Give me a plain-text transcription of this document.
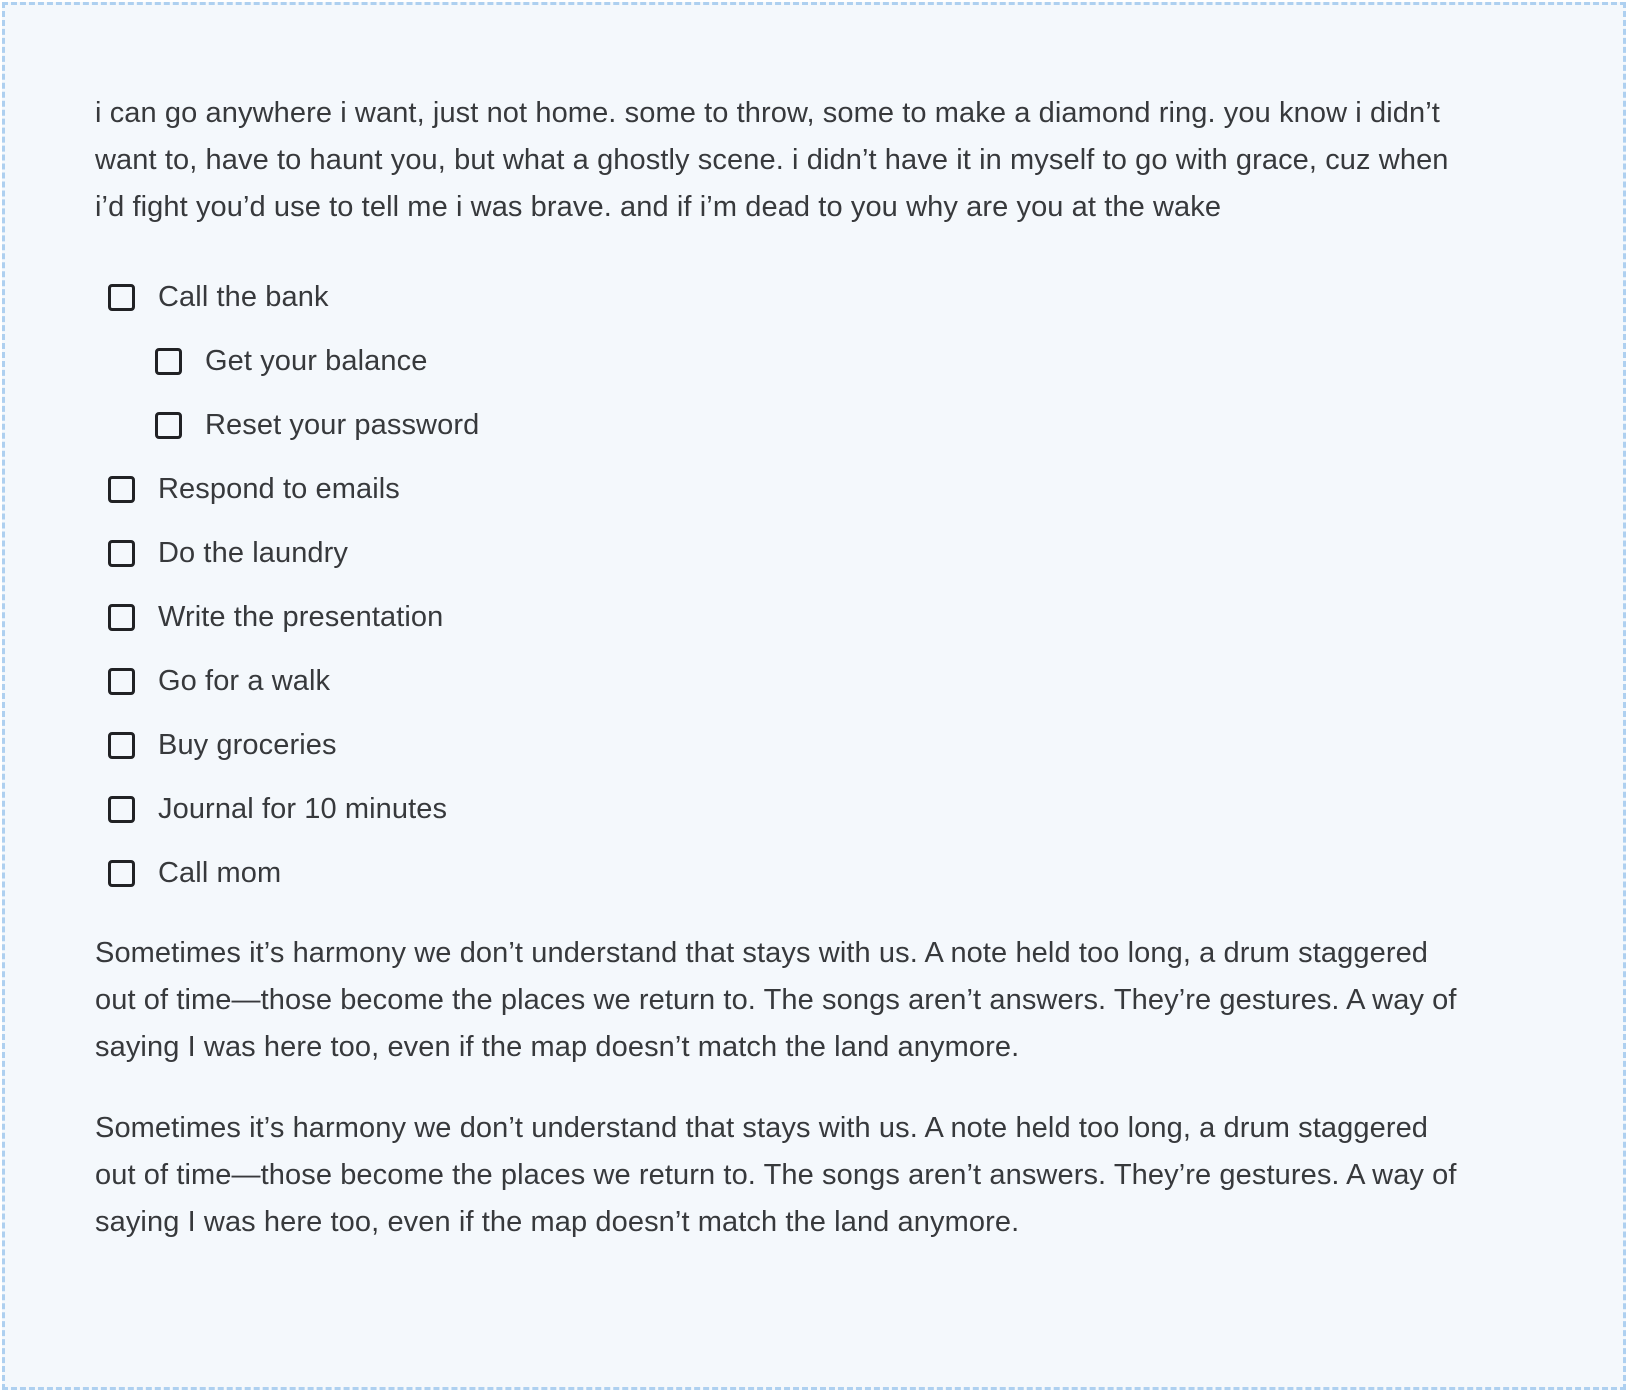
i can go anywhere i want, just not home. some to throw, some to make a diamond ring. you know i didn’t want to, have to haunt you, but what a ghostly scene. i didn’t have it in myself to go with grace, cuz when i’d fight you’d use to tell me i was brave. and if i’m dead to you why are you at the wake

Call the bank
Get your balance
Reset your password
Respond to emails
Do the laundry
Write the presentation
Go for a walk
Buy groceries
Journal for 10 minutes
Call mom

Sometimes it’s harmony we don’t understand that stays with us. A note held too long, a drum staggered out of time—those become the places we return to. The songs aren’t answers. They’re gestures. A way of saying I was here too, even if the map doesn’t match the land anymore.

Sometimes it’s harmony we don’t understand that stays with us. A note held too long, a drum staggered out of time—those become the places we return to. The songs aren’t answers. They’re gestures. A way of saying I was here too, even if the map doesn’t match the land anymore.
